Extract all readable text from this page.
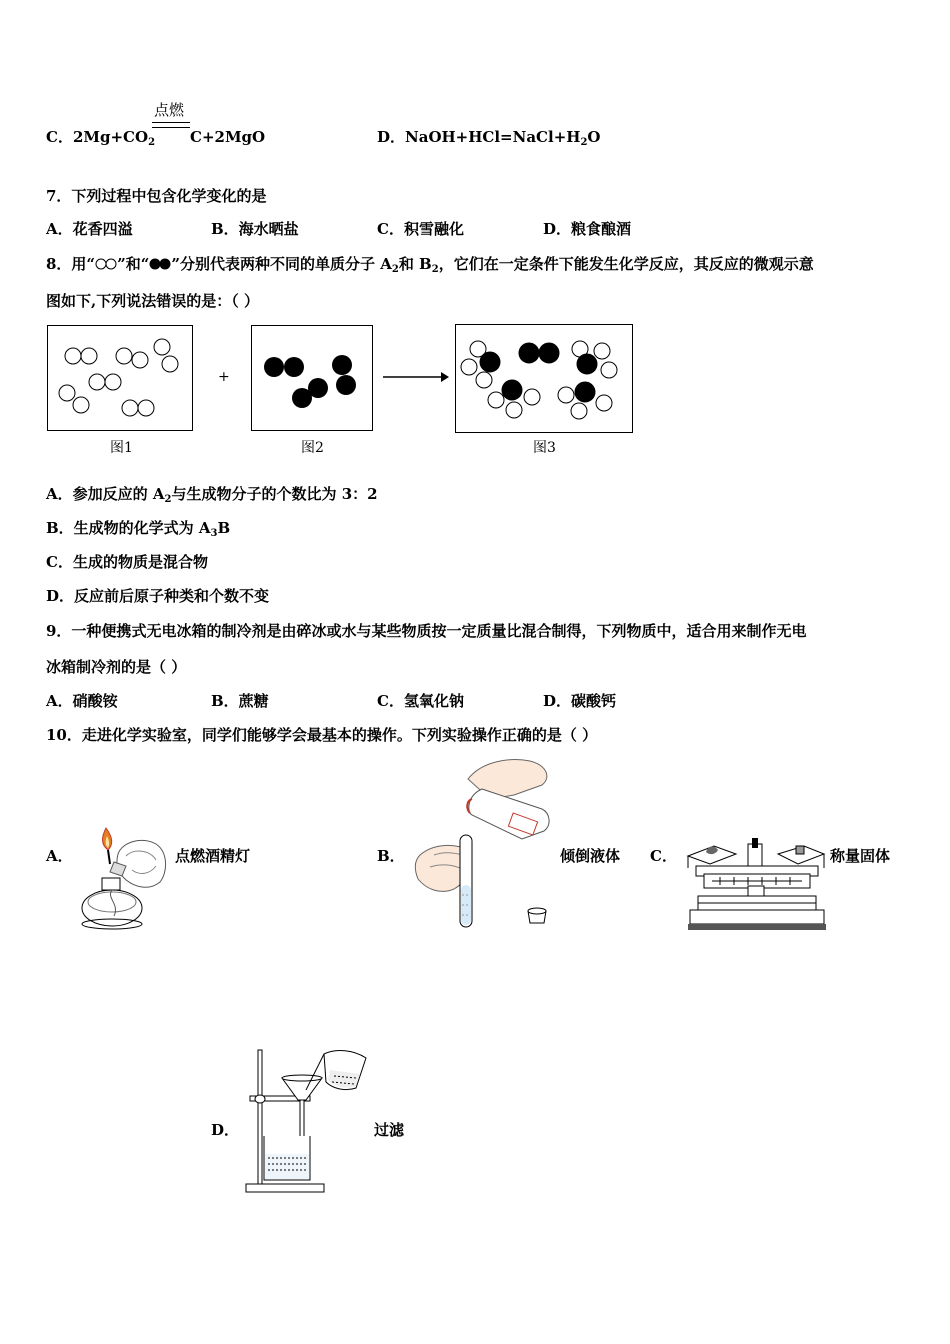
点燃
C．$2Mg+CO_2$ C+2MgO	D．$NaOH+HCl=NaCl+H_2O$
7．下列过程中包含化学变化的是
A．花香四溢	B．海水晒盐	C．积雪融化	D．粮食酿酒
8．用“ ”和“ ”分别代表两种不同的单质分子 $A_2$和 $B_2$，它们在一定条件下能发生化学反应，其反应的微观示意
图如下,下列说法错误的是：（ ）
+
图1	图2	图3
A．参加反应的 $A_2$与生成物分子的个数比为 3：2
B．生成物的化学式为 $A_3B$
C．生成的物质是混合物
D．反应前后原子种类和个数不变
9．一种便携式无电冰箱的制冷剂是由碎冰或水与某些物质按一定质量比混合制得，下列物质中，适合用来制作无电
冰箱制冷剂的是（ ）
A．硝酸铵	B．蔗糖	C．氢氧化钠	D．碳酸钙
10．走进化学实验室，同学们能够学会最基本的操作。下列实验操作正确的是（ ）
A．	点燃酒精灯	B．	倾倒液体 C．	称量固体
D．	过滤
